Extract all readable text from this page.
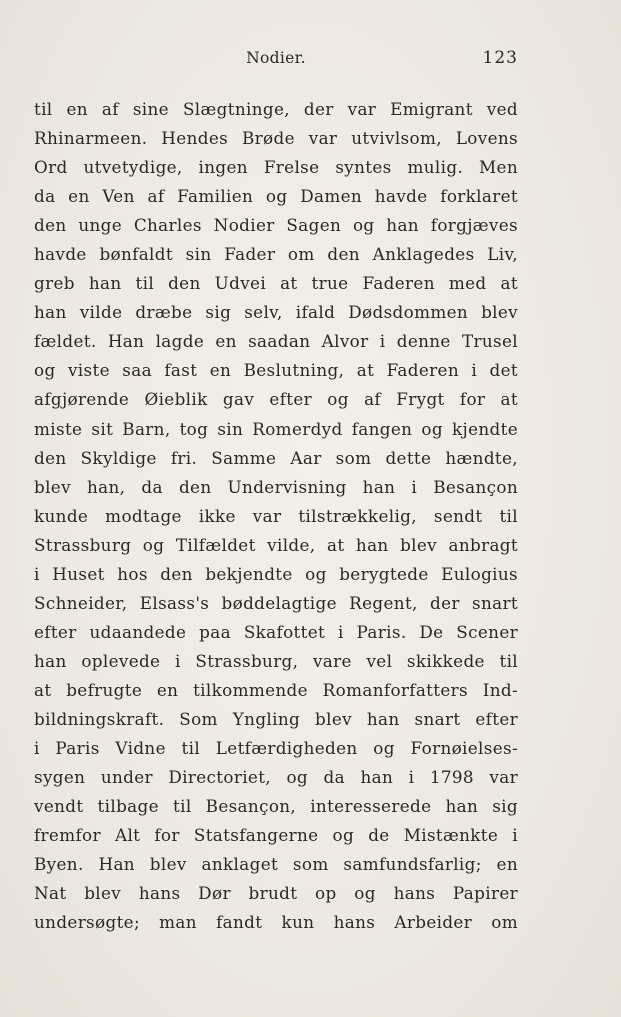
Nodier.	123
til en af sine Slægtninge, der var Emigrant ved
Rhinarmeen. Hendes Brøde var utvivlsom, Lovens
Ord utvetydige, ingen Frelse syntes mulig. Men
da en Ven af Familien og Damen havde forklaret
den unge Charles Nodier Sagen og han forgjæves
havde bønfaldt sin Fader om den Anklagedes Liv,
greb han til den Udvei at true Faderen med at
han vilde dræbe sig selv, ifald Dødsdommen blev
fældet. Han lagde en saadan Alvor i denne Trusel
og viste saa fast en Beslutning, at Faderen i det
afgjørende Øieblik gav efter og af Frygt for at
miste sit Barn, tog sin Romerdyd fangen og kjendte
den Skyldige fri. Samme Aar som dette hændte,
blev han, da den Undervisning han i Besançon
kunde modtage ikke var tilstrækkelig, sendt til
Strassburg og Tilfældet vilde, at han blev anbragt
i Huset hos den bekjendte og berygtede Eulogius
Schneider, Elsass's bøddelagtige Regent, der snart
efter udaandede paa Skafottet i Paris. De Scener
han oplevede i Strassburg, vare vel skikkede til
at befrugte en tilkommende Romanforfatters Ind-
bildningskraft. Som Yngling blev han snart efter
i Paris Vidne til Letfærdigheden og Fornøielses-
sygen under Directoriet, og da han i 1798 var
vendt tilbage til Besançon, interesserede han sig
fremfor Alt for Statsfangerne og de Mistænkte i
Byen. Han blev anklaget som samfundsfarlig; en
Nat blev hans Dør brudt op og hans Papirer
undersøgte; man fandt kun hans Arbeider om
